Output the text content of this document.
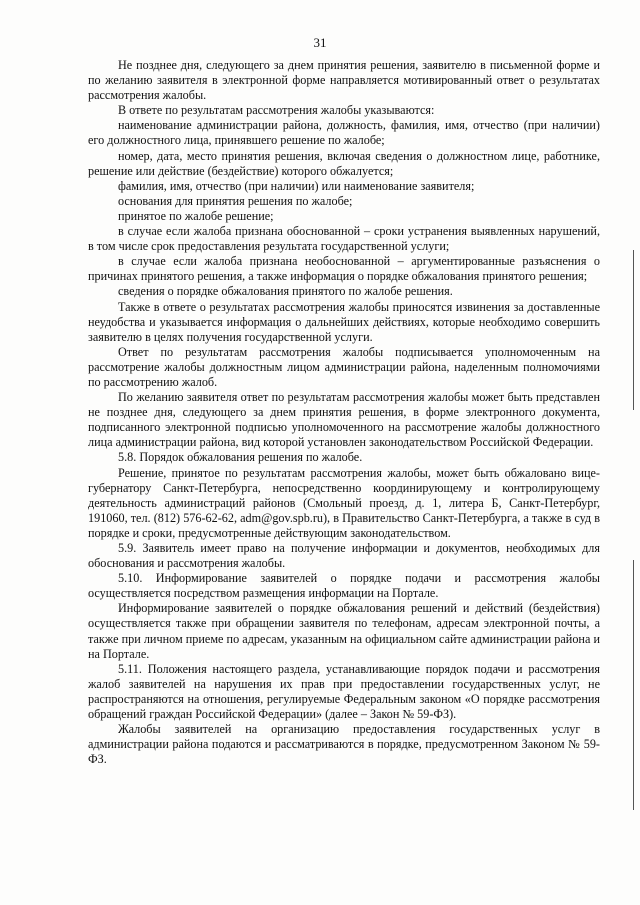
31

Не позднее дня, следующего за днем принятия решения, заявителю в письменной форме и по желанию заявителя в электронной форме направляется мотивированный ответ о результатах рассмотрения жалобы.

В ответе по результатам рассмотрения жалобы указываются:

наименование администрации района, должность, фамилия, имя, отчество (при наличии) его должностного лица, принявшего решение по жалобе;

номер, дата, место принятия решения, включая сведения о должностном лице, работнике, решение или действие (бездействие) которого обжалуется;

фамилия, имя, отчество (при наличии) или наименование заявителя;

основания для принятия решения по жалобе;

принятое по жалобе решение;

в случае если жалоба признана обоснованной – сроки устранения выявленных нарушений, в том числе срок предоставления результата государственной услуги;

в случае если жалоба признана необоснованной – аргументированные разъяснения о причинах принятого решения, а также информация о порядке обжалования принятого решения;

сведения о порядке обжалования принятого по жалобе решения.

Также в ответе о результатах рассмотрения жалобы приносятся извинения за доставленные неудобства и указывается информация о дальнейших действиях, которые необходимо совершить заявителю в целях получения государственной услуги.

Ответ по результатам рассмотрения жалобы подписывается уполномоченным на рассмотрение жалобы должностным лицом администрации района, наделенным полномочиями по рассмотрению жалоб.

По желанию заявителя ответ по результатам рассмотрения жалобы может быть представлен не позднее дня, следующего за днем принятия решения, в форме электронного документа, подписанного электронной подписью уполномоченного на рассмотрение жалобы должностного лица администрации района, вид которой установлен законодательством Российской Федерации.

5.8. Порядок обжалования решения по жалобе.

Решение, принятое по результатам рассмотрения жалобы, может быть обжаловано вице-губернатору Санкт-Петербурга, непосредственно координирующему и контролирующему деятельность администраций районов (Смольный проезд, д. 1, литера Б, Санкт-Петербург, 191060, тел. (812) 576-62-62, adm@gov.spb.ru), в Правительство Санкт-Петербурга, а также в суд в порядке и сроки, предусмотренные действующим законодательством.

5.9. Заявитель имеет право на получение информации и документов, необходимых для обоснования и рассмотрения жалобы.

5.10. Информирование заявителей о порядке подачи и рассмотрения жалобы осуществляется посредством размещения информации на Портале.

Информирование заявителей о порядке обжалования решений и действий (бездействия) осуществляется также при обращении заявителя по телефонам, адресам электронной почты, а также при личном приеме по адресам, указанным на официальном сайте администрации района и на Портале.

5.11. Положения настоящего раздела, устанавливающие порядок подачи и рассмотрения жалоб заявителей на нарушения их прав при предоставлении государственных услуг, не распространяются на отношения, регулируемые Федеральным законом «О порядке рассмотрения обращений граждан Российской Федерации» (далее – Закон № 59-ФЗ).

Жалобы заявителей на организацию предоставления государственных услуг в администрации района подаются и рассматриваются в порядке, предусмотренном Законом № 59-ФЗ.
